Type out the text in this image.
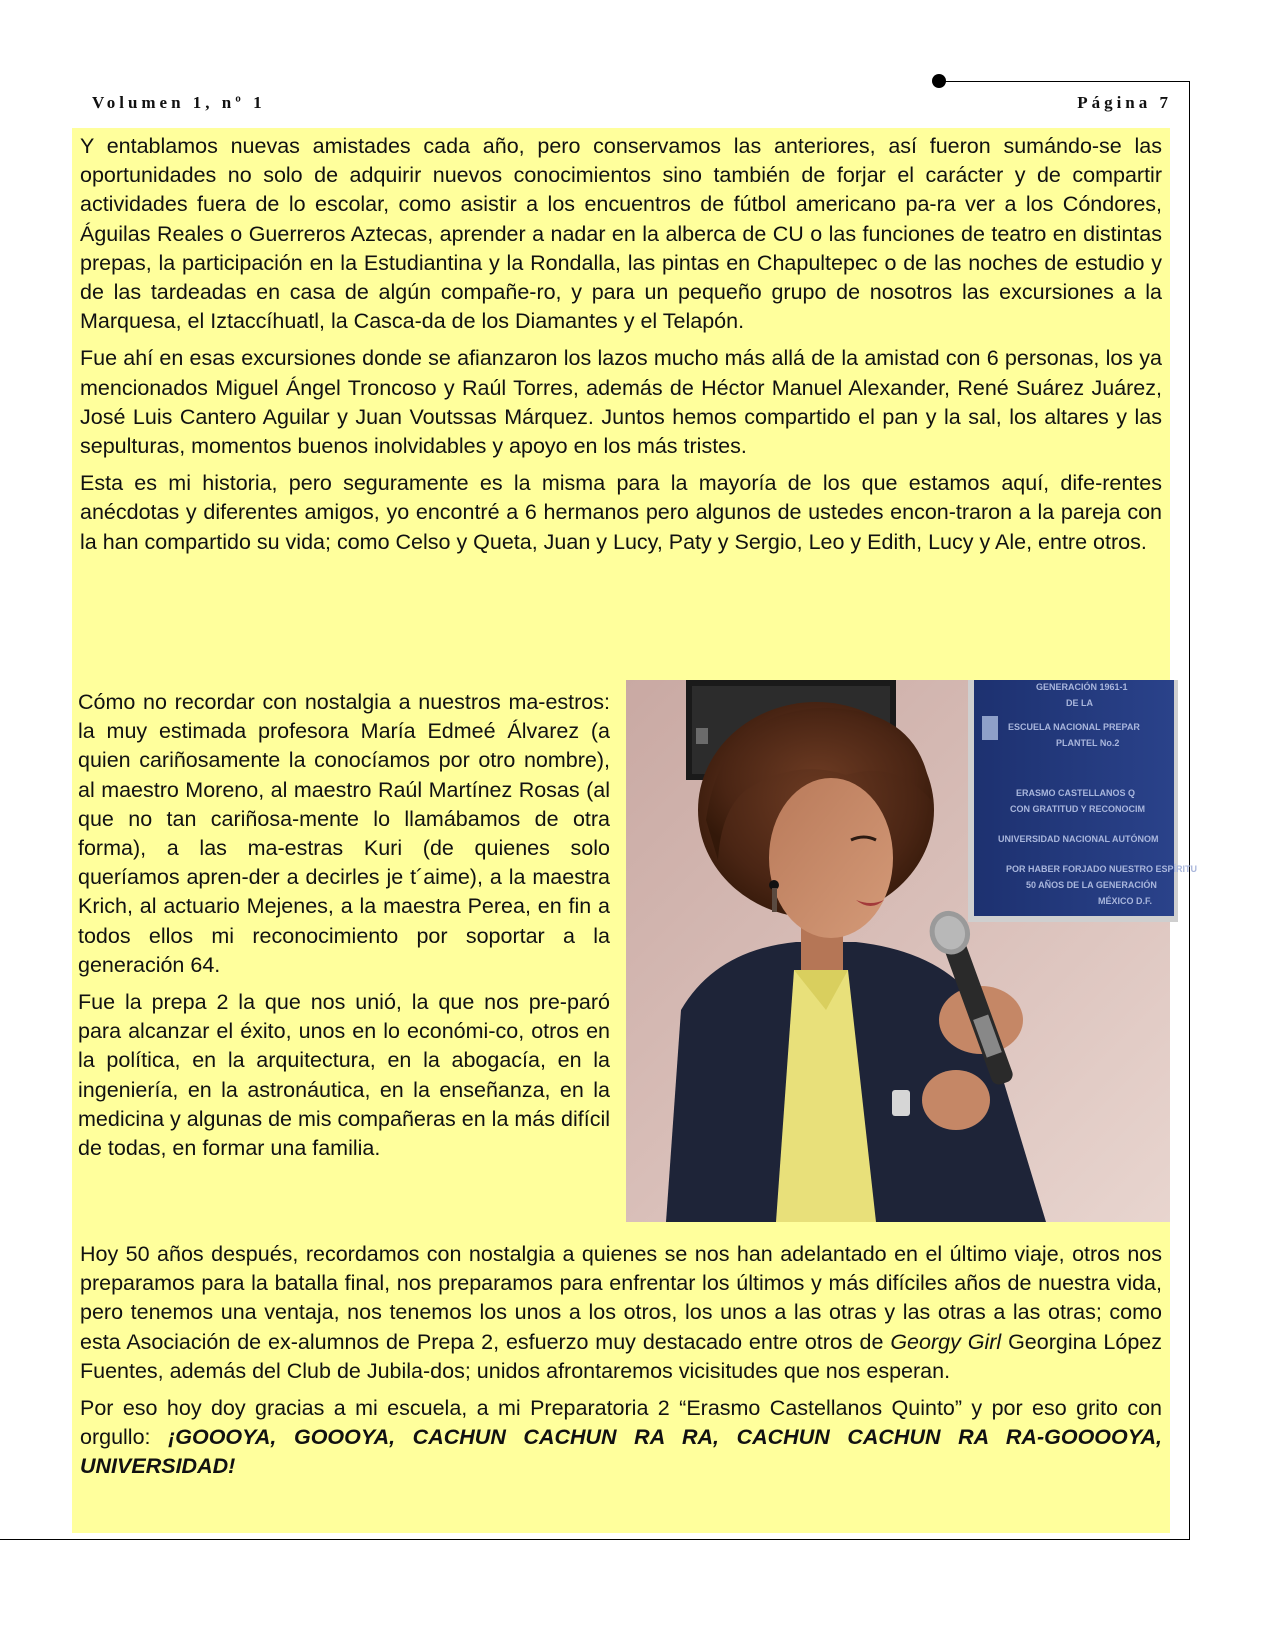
Volumen 1, nº 1	Página 7

Y entablamos nuevas amistades cada año, pero conservamos las anteriores, así fueron sumándo-se las oportunidades no solo de adquirir nuevos conocimientos sino también de forjar el carácter y de compartir actividades fuera de lo escolar, como asistir a los encuentros de fútbol americano pa-ra ver a los Cóndores, Águilas Reales o Guerreros Aztecas, aprender a nadar en la alberca de CU o las funciones de teatro en distintas prepas, la participación en la Estudiantina y la Rondalla, las pintas en Chapultepec o de las noches de estudio y de las tardeadas en casa de algún compañe-ro, y para un pequeño grupo de nosotros las excursiones a la Marquesa, el Iztaccíhuatl, la Casca-da de los Diamantes y el Telapón.

Fue ahí en esas excursiones donde se afianzaron los lazos mucho más allá de la amistad con 6 personas, los ya mencionados Miguel Ángel Troncoso y Raúl Torres, además de Héctor Manuel Alexander, René Suárez Juárez, José Luis Cantero Aguilar y Juan Voutssas Márquez. Juntos hemos compartido el pan y la sal, los altares y las sepulturas, momentos buenos inolvidables y apoyo en los más tristes.

Esta es mi historia, pero seguramente es la misma para la mayoría de los que estamos aquí, dife-rentes anécdotas y diferentes amigos, yo encontré a 6 hermanos pero algunos de ustedes encon-traron a la pareja con la han compartido su vida; como Celso y Queta, Juan y Lucy, Paty y Sergio, Leo y Edith, Lucy y Ale, entre otros.

Cómo no recordar con nostalgia a nuestros ma-estros: la muy estimada profesora María Edmeé Álvarez (a quien cariñosamente la conocíamos por otro nombre), al maestro Moreno, al maestro Raúl Martínez Rosas (al que no tan cariñosa-mente lo llamábamos de otra forma), a las ma-estras Kuri (de quienes solo queríamos apren-der a decirles je t´aime), a la maestra Krich, al actuario Mejenes, a la maestra Perea, en fin a todos ellos mi reconocimiento por soportar a la generación 64.

Fue la prepa 2 la que nos unió, la que nos pre-paró para alcanzar el éxito, unos en lo económi-co, otros en la política, en la arquitectura, en la abogacía, en la ingeniería, en la astronáutica, en la enseñanza, en la medicina y algunas de mis compañeras en la más difícil de todas, en formar una familia.

GENERACIÓN 1961-1
DE LA
ESCUELA NACIONAL PREPAR
PLANTEL No.2
ERASMO CASTELLANOS Q
CON GRATITUD Y RECONOCIM
UNIVERSIDAD NACIONAL AUTÓNOM
POR HABER FORJADO NUESTRO ESPÍRITU
50 AÑOS DE LA GENERACIÓN
MÉXICO D.F.

Hoy 50 años después, recordamos con nostalgia a quienes se nos han adelantado en el último viaje, otros nos preparamos para la batalla final, nos preparamos para enfrentar los últimos y más difíciles años de nuestra vida, pero tenemos una ventaja, nos tenemos los unos a los otros, los unos a las otras y las otras a las otras; como esta Asociación de ex-alumnos de Prepa 2, esfuerzo muy destacado entre otros de Georgy Girl Georgina López Fuentes, además del Club de Jubila-dos; unidos afrontaremos vicisitudes que nos esperan.

Por eso hoy doy gracias a mi escuela, a mi Preparatoria 2 “Erasmo Castellanos Quinto” y por eso grito con orgullo: ¡GOOOYA, GOOOYA, CACHUN CACHUN RA RA, CACHUN CACHUN RA RA-GOOOOYA, UNIVERSIDAD!
